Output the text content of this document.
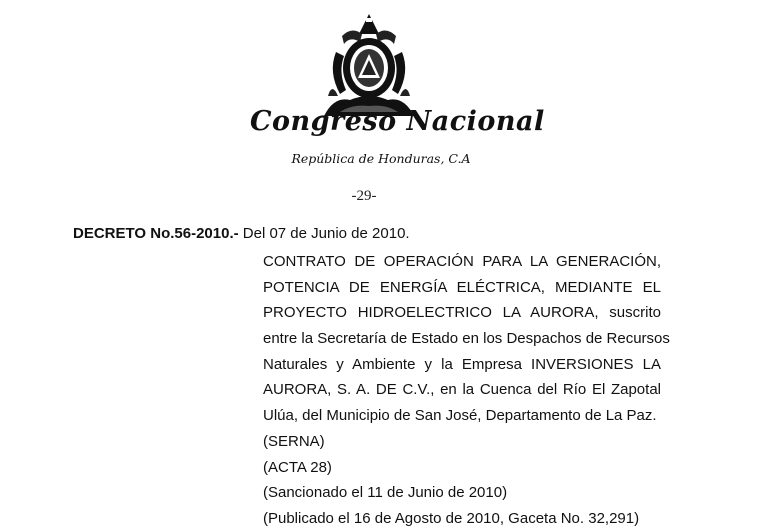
Congreso Nacional
República de Honduras, C.A
-29-
DECRETO No.56-2010.- Del 07 de Junio de 2010.
CONTRATO DE OPERACIÓN PARA LA GENERACIÓN,
POTENCIA DE ENERGÍA ELÉCTRICA, MEDIANTE EL
PROYECTO HIDROELECTRICO LA AURORA, suscrito
entre la Secretaría de Estado en los Despachos de Recursos
Naturales y Ambiente y la Empresa INVERSIONES LA
AURORA, S. A. DE C.V., en la Cuenca del Río El Zapotal
Ulúa, del Municipio de San José, Departamento de La Paz.
(SERNA)
(ACTA 28)
(Sancionado el 11 de Junio de 2010)
(Publicado el 16 de Agosto de 2010, Gaceta No. 32,291)
